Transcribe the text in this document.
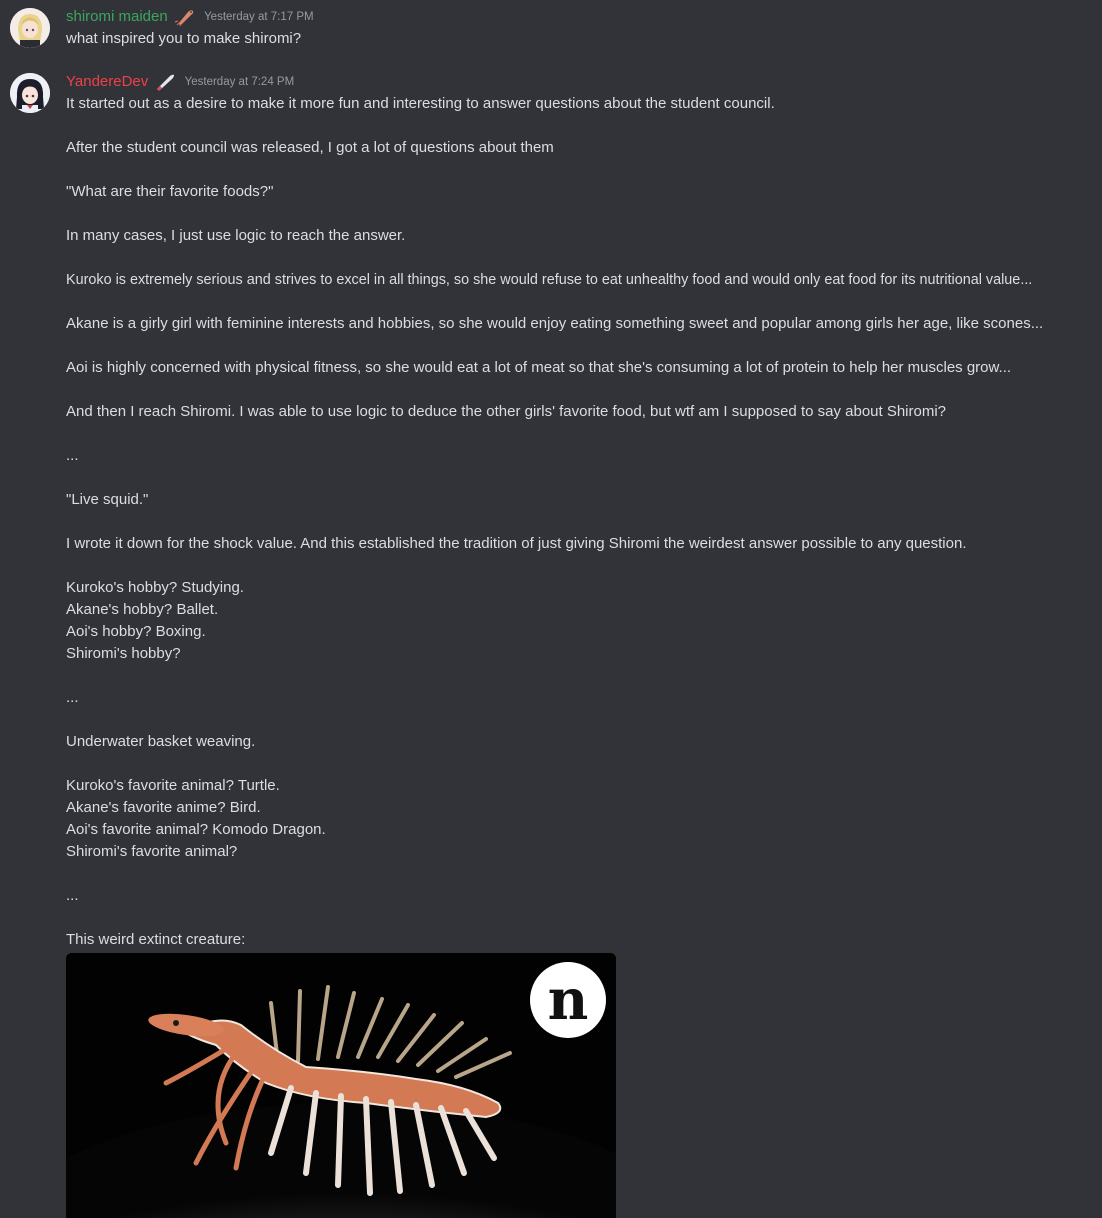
shiromi maiden	Yesterday at 7:17 PM
what inspired you to make shiromi?
YandereDev	Yesterday at 7:24 PM
It started out as a desire to make it more fun and interesting to answer questions about the student council.
After the student council was released, I got a lot of questions about them
"What are their favorite foods?"
In many cases, I just use logic to reach the answer.
Kuroko is extremely serious and strives to excel in all things, so she would refuse to eat unhealthy food and would only eat food for its nutritional value...
Akane is a girly girl with feminine interests and hobbies, so she would enjoy eating something sweet and popular among girls her age, like scones...
Aoi is highly concerned with physical fitness, so she would eat a lot of meat so that she's consuming a lot of protein to help her muscles grow...
And then I reach Shiromi. I was able to use logic to deduce the other girls' favorite food, but wtf am I supposed to say about Shiromi?
...
"Live squid."
I wrote it down for the shock value. And this established the tradition of just giving Shiromi the weirdest answer possible to any question.
Kuroko's hobby? Studying.
Akane's hobby? Ballet.
Aoi's hobby? Boxing.
Shiromi's hobby?
...
Underwater basket weaving.
Kuroko's favorite animal? Turtle.
Akane's favorite anime? Bird.
Aoi's favorite animal? Komodo Dragon.
Shiromi's favorite animal?
...
This weird extinct creature:
n
